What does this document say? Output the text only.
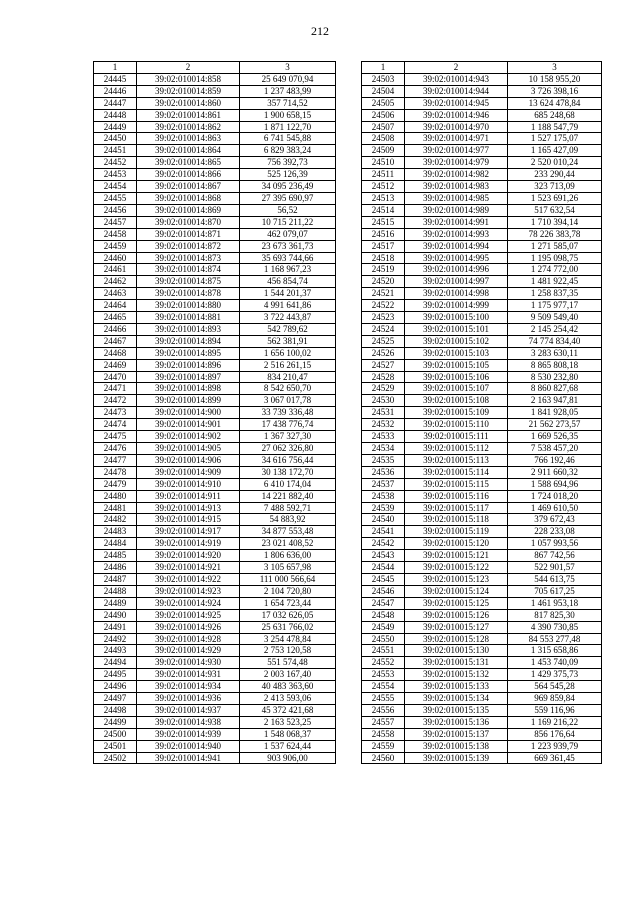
212
1	2	3
24445	39:02:010014:858	25 649 070,94
24446	39:02:010014:859	1 237 483,99
24447	39:02:010014:860	357 714,52
24448	39:02:010014:861	1 900 658,15
24449	39:02:010014:862	1 871 122,70
24450	39:02:010014:863	6 741 545,88
24451	39:02:010014:864	6 829 383,24
24452	39:02:010014:865	756 392,73
24453	39:02:010014:866	525 126,39
24454	39:02:010014:867	34 095 236,49
24455	39:02:010014:868	27 395 690,97
24456	39:02:010014:869	56,52
24457	39:02:010014:870	10 715 211,22
24458	39:02:010014:871	462 079,07
24459	39:02:010014:872	23 673 361,73
24460	39:02:010014:873	35 693 744,66
24461	39:02:010014:874	1 168 967,23
24462	39:02:010014:875	456 854,74
24463	39:02:010014:878	1 544 201,37
24464	39:02:010014:880	4 991 641,86
24465	39:02:010014:881	3 722 443,87
24466	39:02:010014:893	542 789,62
24467	39:02:010014:894	562 381,91
24468	39:02:010014:895	1 656 100,02
24469	39:02:010014:896	2 516 261,15
24470	39:02:010014:897	834 210,47
24471	39:02:010014:898	8 542 650,70
24472	39:02:010014:899	3 067 017,78
24473	39:02:010014:900	33 739 336,48
24474	39:02:010014:901	17 438 776,74
24475	39:02:010014:902	1 367 327,30
24476	39:02:010014:905	27 062 326,80
24477	39:02:010014:906	34 616 756,44
24478	39:02:010014:909	30 138 172,70
24479	39:02:010014:910	6 410 174,04
24480	39:02:010014:911	14 221 882,40
24481	39:02:010014:913	7 488 592,71
24482	39:02:010014:915	54 883,92
24483	39:02:010014:917	34 877 553,48
24484	39:02:010014:919	23 021 408,52
24485	39:02:010014:920	1 806 636,00
24486	39:02:010014:921	3 105 657,98
24487	39:02:010014:922	111 000 566,64
24488	39:02:010014:923	2 104 720,80
24489	39:02:010014:924	1 654 723,44
24490	39:02:010014:925	17 032 626,05
24491	39:02:010014:926	25 631 766,02
24492	39:02:010014:928	3 254 478,84
24493	39:02:010014:929	2 753 120,58
24494	39:02:010014:930	551 574,48
24495	39:02:010014:931	2 003 167,40
24496	39:02:010014:934	40 483 363,60
24497	39:02:010014:936	2 413 593,06
24498	39:02:010014:937	45 372 421,68
24499	39:02:010014:938	2 163 523,25
24500	39:02:010014:939	1 548 068,37
24501	39:02:010014:940	1 537 624,44
24502	39:02:010014:941	903 906,00
1	2	3
24503	39:02:010014:943	10 158 955,20
24504	39:02:010014:944	3 726 398,16
24505	39:02:010014:945	13 624 478,84
24506	39:02:010014:946	685 248,68
24507	39:02:010014:970	1 188 547,79
24508	39:02:010014:971	1 527 175,07
24509	39:02:010014:977	1 165 427,09
24510	39:02:010014:979	2 520 010,24
24511	39:02:010014:982	233 290,44
24512	39:02:010014:983	323 713,09
24513	39:02:010014:985	1 523 691,26
24514	39:02:010014:989	517 632,54
24515	39:02:010014:991	1 710 394,14
24516	39:02:010014:993	78 226 383,78
24517	39:02:010014:994	1 271 585,07
24518	39:02:010014:995	1 195 098,75
24519	39:02:010014:996	1 274 772,00
24520	39:02:010014:997	1 481 922,45
24521	39:02:010014:998	1 258 837,35
24522	39:02:010014:999	1 175 977,17
24523	39:02:010015:100	9 509 549,40
24524	39:02:010015:101	2 145 254,42
24525	39:02:010015:102	74 774 834,40
24526	39:02:010015:103	3 283 630,11
24527	39:02:010015:105	8 865 808,18
24528	39:02:010015:106	8 530 232,80
24529	39:02:010015:107	8 860 827,68
24530	39:02:010015:108	2 163 947,81
24531	39:02:010015:109	1 841 928,05
24532	39:02:010015:110	21 562 273,57
24533	39:02:010015:111	1 669 526,35
24534	39:02:010015:112	7 538 457,20
24535	39:02:010015:113	766 192,46
24536	39:02:010015:114	2 911 660,32
24537	39:02:010015:115	1 588 694,96
24538	39:02:010015:116	1 724 018,20
24539	39:02:010015:117	1 469 610,50
24540	39:02:010015:118	379 672,43
24541	39:02:010015:119	228 233,08
24542	39:02:010015:120	1 057 993,56
24543	39:02:010015:121	867 742,56
24544	39:02:010015:122	522 901,57
24545	39:02:010015:123	544 613,75
24546	39:02:010015:124	705 617,25
24547	39:02:010015:125	1 461 953,18
24548	39:02:010015:126	817 825,30
24549	39:02:010015:127	4 390 730,85
24550	39:02:010015:128	84 553 277,48
24551	39:02:010015:130	1 315 658,86
24552	39:02:010015:131	1 453 740,09
24553	39:02:010015:132	1 429 375,73
24554	39:02:010015:133	564 545,28
24555	39:02:010015:134	969 859,84
24556	39:02:010015:135	559 116,96
24557	39:02:010015:136	1 169 216,22
24558	39:02:010015:137	856 176,64
24559	39:02:010015:138	1 223 939,79
24560	39:02:010015:139	669 361,45
